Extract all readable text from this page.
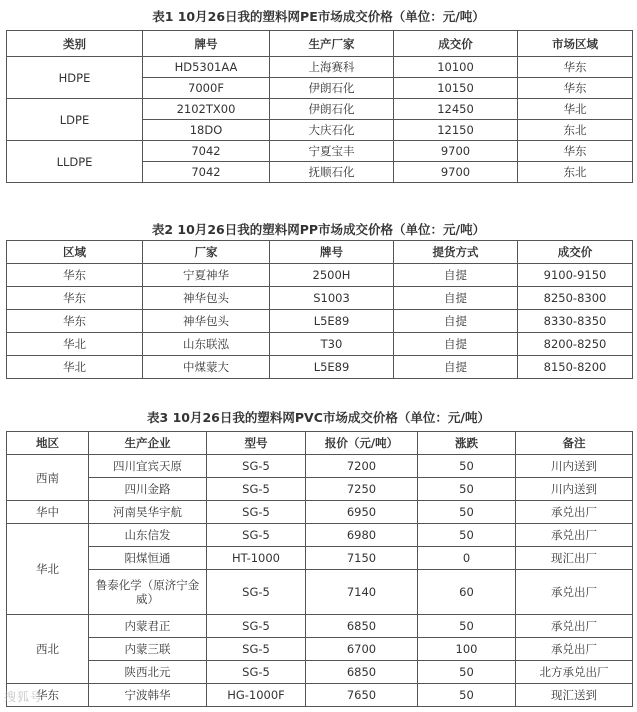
表1 10月26日我的塑料网PE市场成交价格（单位：元/吨）
类别	牌号	生产厂家	成交价	市场区域
HDPE	HD5301AA	上海赛科	10100	华东
	7000F	伊朗石化	10150	华东
LDPE	2102TX00	伊朗石化	12450	华北
	18DO	大庆石化	12150	东北
LLDPE	7042	宁夏宝丰	9700	华东
	7042	抚顺石化	9700	东北
表2 10月26日我的塑料网PP市场成交价格（单位：元/吨）
区域	厂家	牌号	提货方式	成交价
华东	宁夏神华	2500H	自提	9100-9150
华东	神华包头	S1003	自提	8250-8300
华东	神华包头	L5E89	自提	8330-8350
华北	山东联泓	T30	自提	8200-8250
华北	中煤蒙大	L5E89	自提	8150-8200
表3 10月26日我的塑料网PVC市场成交价格（单位：元/吨）
地区	生产企业	型号	报价（元/吨）	涨跌	备注
西南	四川宜宾天原	SG-5	7200	50	川内送到
	四川金路	SG-5	7250	50	川内送到
华中	河南昊华宇航	SG-5	6950	50	承兑出厂
华北	山东信发	SG-5	6980	50	承兑出厂
	阳煤恒通	HT-1000	7150	0	现汇出厂
	鲁泰化学（原济宁金威）	SG-5	7140	60	承兑出厂
西北	内蒙君正	SG-5	6850	50	承兑出厂
	内蒙三联	SG-5	6700	100	承兑出厂
	陕西北元	SG-5	6850	50	北方承兑出厂
华东	宁波韩华	HG-1000F	7650	50	现汇送到
搜狐号
